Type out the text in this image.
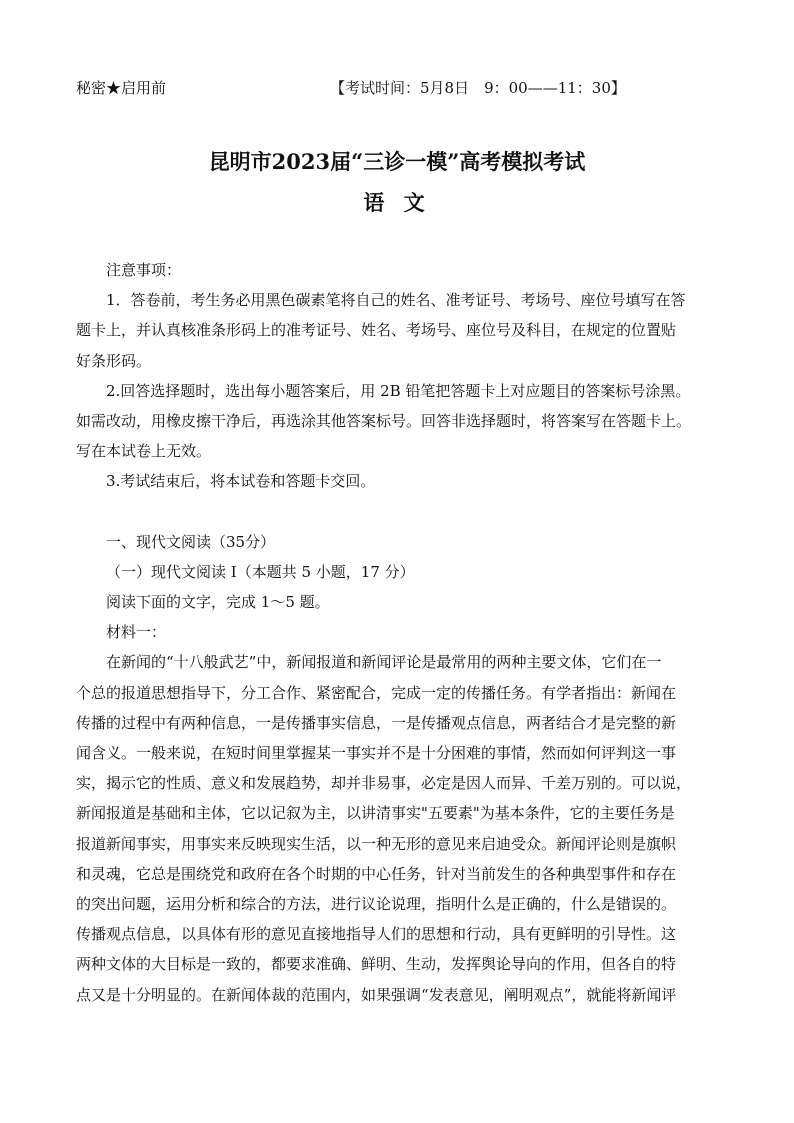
秘密★启用前	【考试时间：5月8日　9：00——11：30】
昆明市2023届“三诊一模”高考模拟考试
语 文
注意事项：
1．答卷前，考生务必用黑色碳素笔将自己的姓名、准考证号、考场号、座位号填写在答
题卡上，并认真核准条形码上的准考证号、姓名、考场号、座位号及科目，在规定的位置贴
好条形码。
2.回答选择题时，选出每小题答案后，用 2B 铅笔把答题卡上对应题目的答案标号涂黑。
如需改动，用橡皮擦干净后，再选涂其他答案标号。回答非选择题时，将答案写在答题卡上。
写在本试卷上无效。
3.考试结束后，将本试卷和答题卡交回。
一、现代文阅读（35分）
（一）现代文阅读 I（本题共 5 小题，17 分）
阅读下面的文字，完成 1～5 题。
材料一：
在新闻的“十八般武艺”中，新闻报道和新闻评论是最常用的两种主要文体，它们在一
个总的报道思想指导下，分工合作、紧密配合，完成一定的传播任务。有学者指出：新闻在
传播的过程中有两种信息，一是传播事实信息，一是传播观点信息，两者结合才是完整的新
闻含义。一般来说，在短时间里掌握某一事实并不是十分困难的事情，然而如何评判这一事
实，揭示它的性质、意义和发展趋势，却并非易事，必定是因人而异、千差万别的。可以说，
新闻报道是基础和主体，它以记叙为主，以讲清事实"五要素"为基本条件，它的主要任务是
报道新闻事实，用事实来反映现实生活，以一种无形的意见来启迪受众。新闻评论则是旗帜
和灵魂，它总是围绕党和政府在各个时期的中心任务，针对当前发生的各种典型事件和存在
的突出问题，运用分析和综合的方法，进行议论说理，指明什么是正确的，什么是错误的。
传播观点信息，以具体有形的意见直接地指导人们的思想和行动，具有更鲜明的引导性。这
两种文体的大目标是一致的，都要求准确、鲜明、生动，发挥舆论导向的作用，但各自的特
点又是十分明显的。在新闻体裁的范围内，如果强调“发表意见，阐明观点”，就能将新闻评
